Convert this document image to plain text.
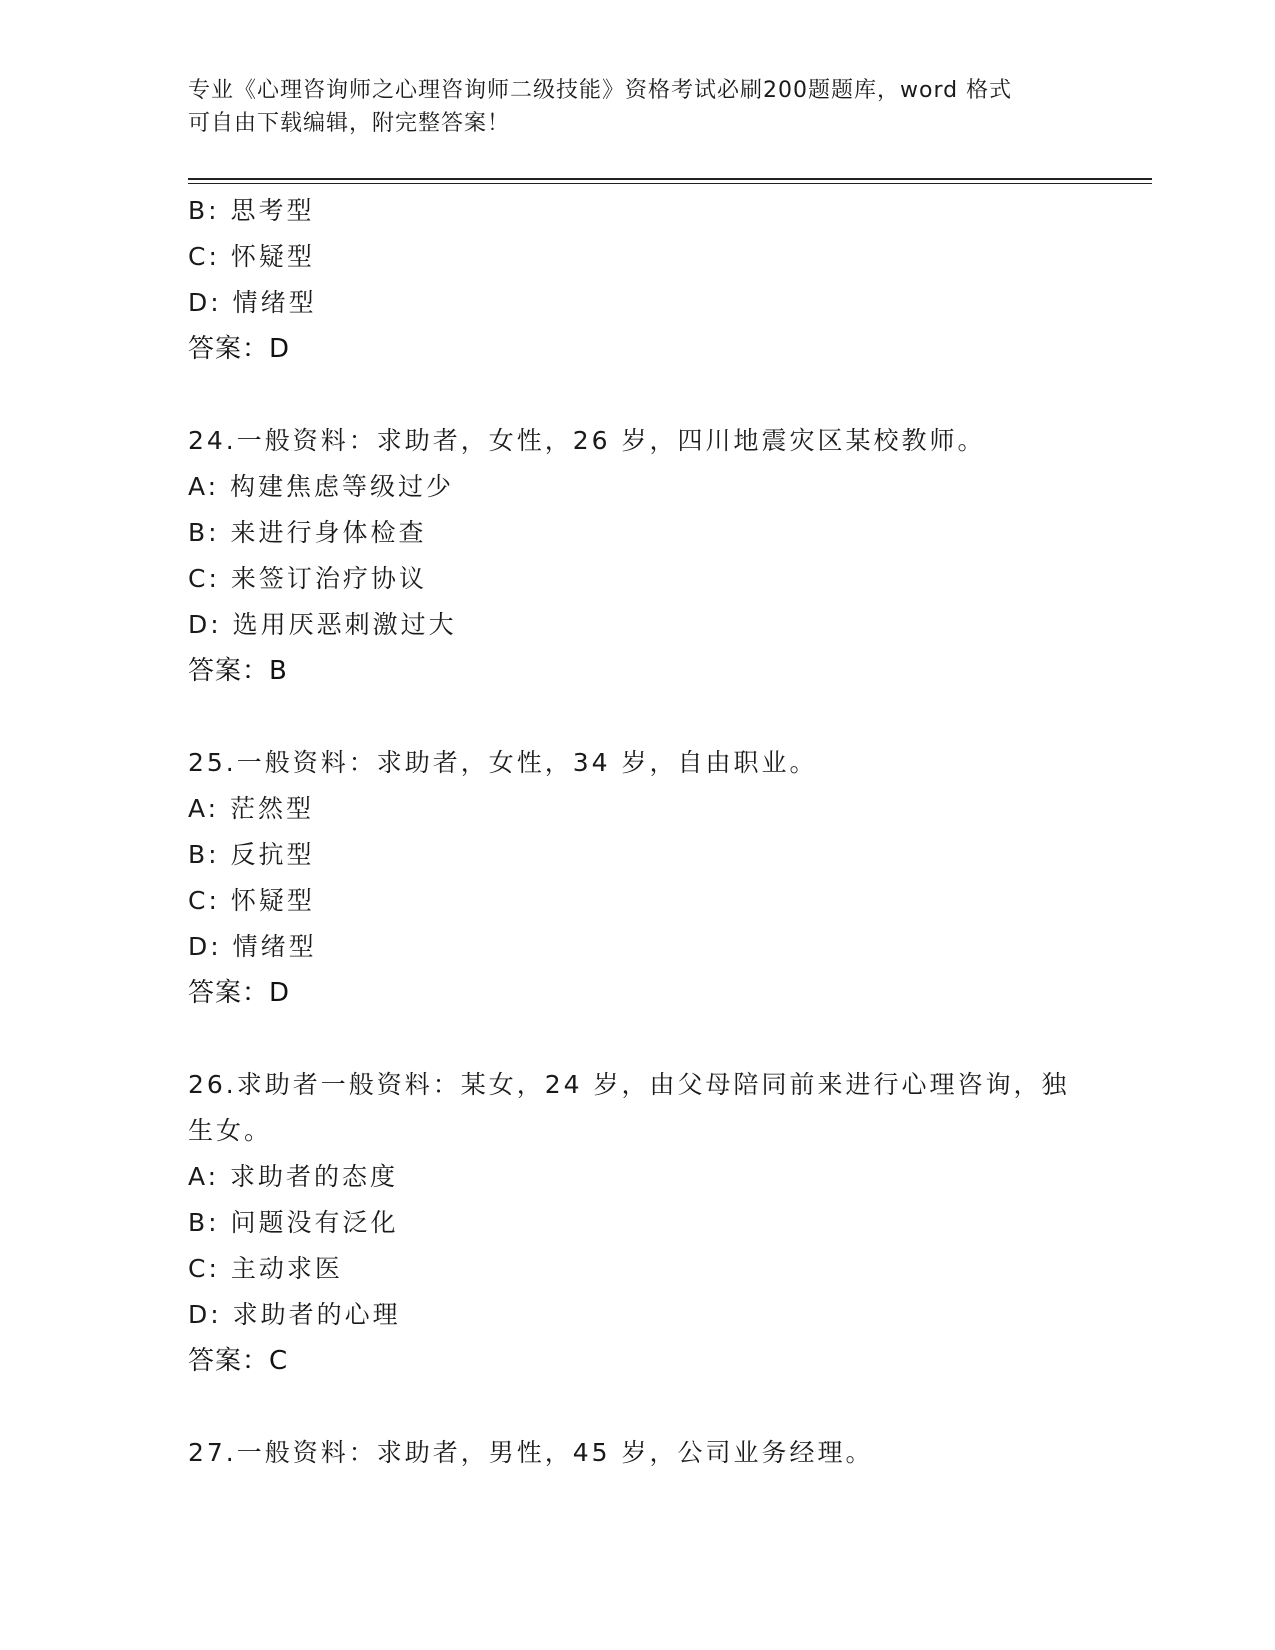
专业《心理咨询师之心理咨询师二级技能》资格考试必刷200题题库，word 格式
可自由下载编辑，附完整答案！
B: 思考型
C: 怀疑型
D: 情绪型
答案：D
24.一般资料：求助者，女性，26 岁，四川地震灾区某校教师。
A: 构建焦虑等级过少
B: 来进行身体检查
C: 来签订治疗协议
D: 选用厌恶刺激过大
答案：B
25.一般资料：求助者，女性，34 岁，自由职业。
A: 茫然型
B: 反抗型
C: 怀疑型
D: 情绪型
答案：D
26.求助者一般资料：某女，24 岁，由父母陪同前来进行心理咨询，独
生女。
A: 求助者的态度
B: 问题没有泛化
C: 主动求医
D: 求助者的心理
答案：C
27.一般资料：求助者，男性，45 岁，公司业务经理。
